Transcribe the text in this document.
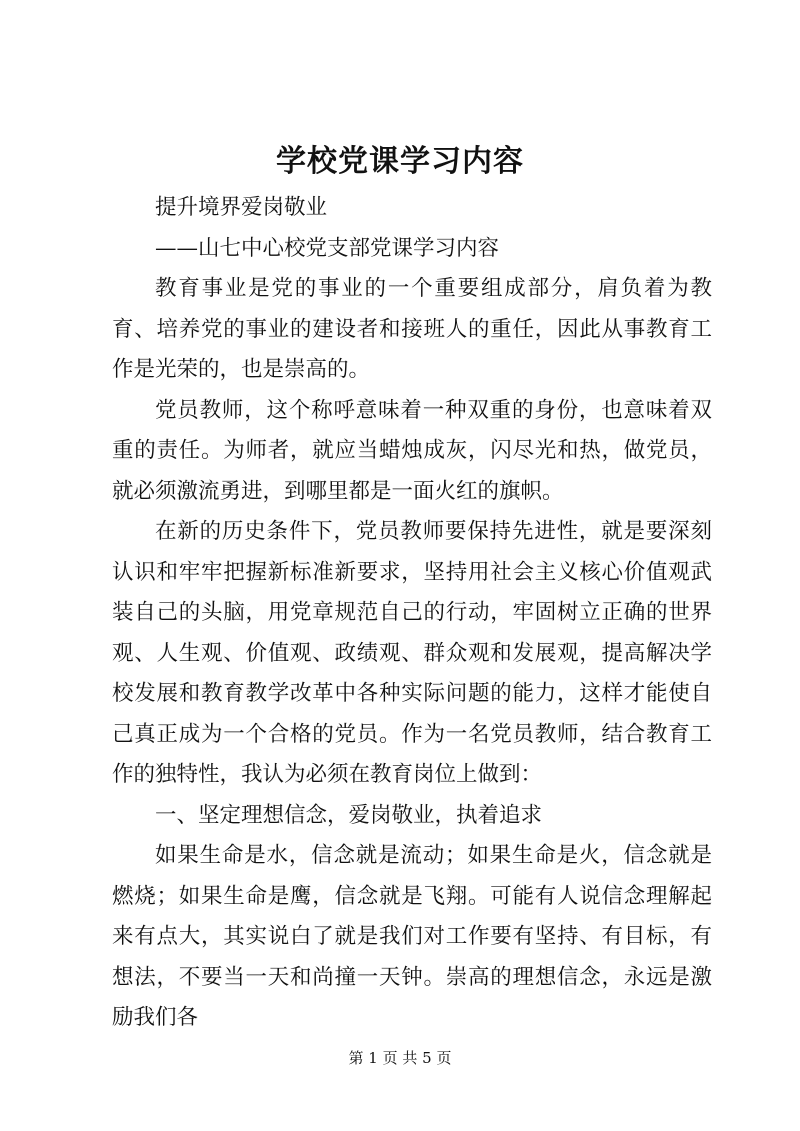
学校党课学习内容

提升境界爱岗敬业

——山七中心校党支部党课学习内容

教育事业是党的事业的一个重要组成部分，肩负着为教育、培养党的事业的建设者和接班人的重任，因此从事教育工作是光荣的，也是崇高的。

党员教师，这个称呼意味着一种双重的身份，也意味着双重的责任。为师者，就应当蜡烛成灰，闪尽光和热，做党员，就必须激流勇进，到哪里都是一面火红的旗帜。

在新的历史条件下，党员教师要保持先进性，就是要深刻认识和牢牢把握新标准新要求，坚持用社会主义核心价值观武装自己的头脑，用党章规范自己的行动，牢固树立正确的世界观、人生观、价值观、政绩观、群众观和发展观，提高解决学校发展和教育教学改革中各种实际问题的能力，这样才能使自己真正成为一个合格的党员。作为一名党员教师，结合教育工作的独特性，我认为必须在教育岗位上做到：

一、坚定理想信念，爱岗敬业，执着追求

如果生命是水，信念就是流动；如果生命是火，信念就是燃烧；如果生命是鹰，信念就是飞翔。可能有人说信念理解起来有点大，其实说白了就是我们对工作要有坚持、有目标，有想法，不要当一天和尚撞一天钟。崇高的理想信念，永远是激励我们各

第 1 页 共 5 页
